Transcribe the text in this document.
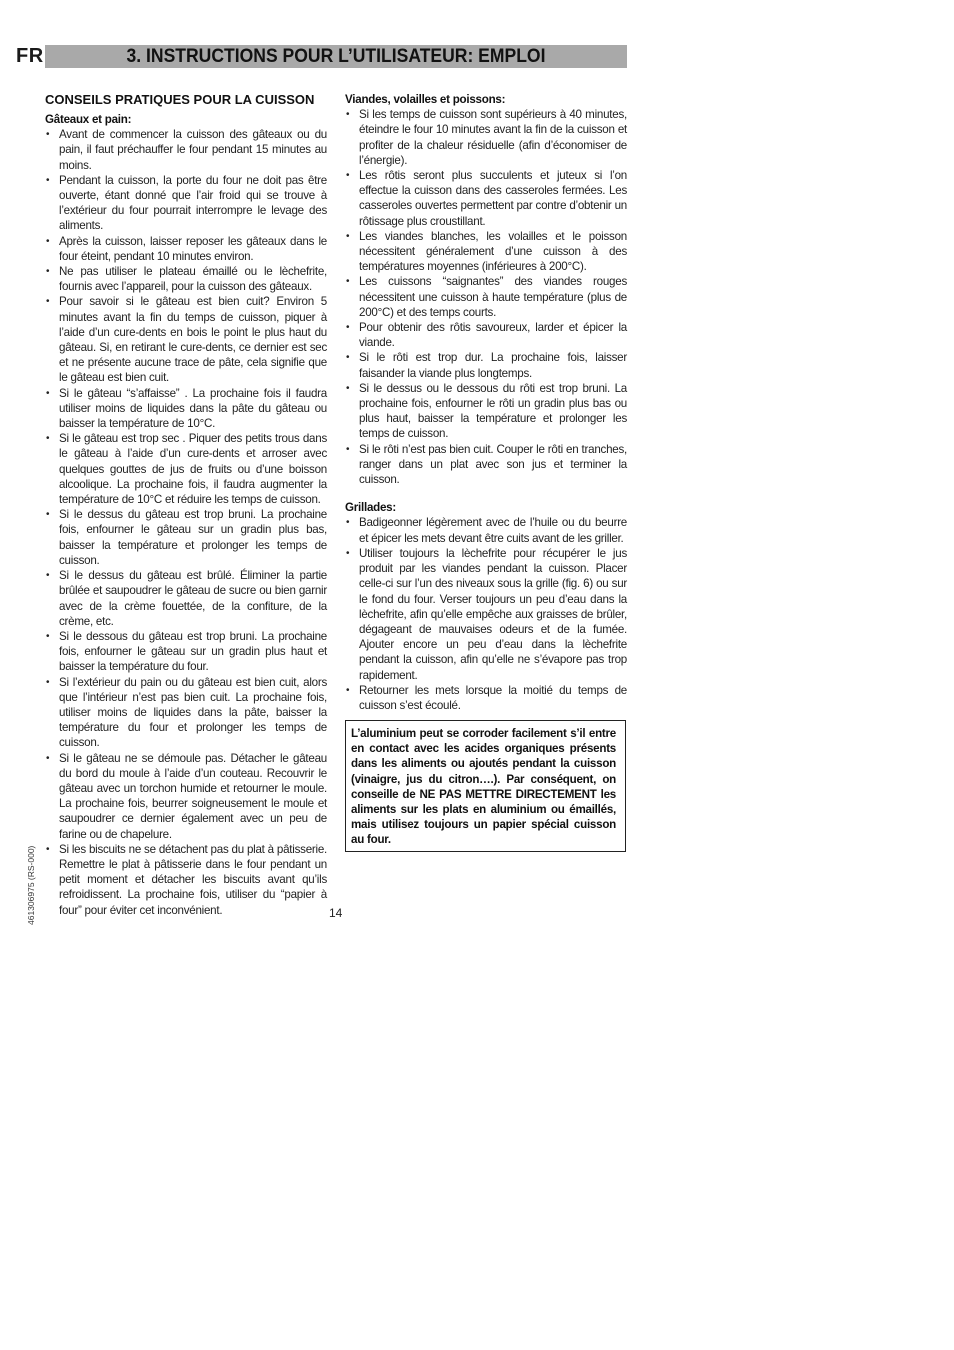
FR	3. INSTRUCTIONS POUR L’UTILISATEUR: EMPLOI
CONSEILS PRATIQUES POUR LA CUISSON
Gâteaux et pain:
• Avant de commencer la cuisson des gâteaux ou du pain, il faut préchauffer le four pendant 15 minutes au moins.
• Pendant la cuisson, la porte du four ne doit pas être ouverte, étant donné que l’air froid qui se trouve à l’extérieur du four pourrait interrompre le levage des aliments.
• Après la cuisson, laisser reposer les gâteaux dans le four éteint, pendant 10 minutes environ.
• Ne pas utiliser le plateau émaillé ou le lèchefrite, fournis avec l’appareil, pour la cuisson des gâteaux.
• Pour savoir si le gâteau est bien cuit? Environ 5 minutes avant la fin du temps de cuisson, piquer à l’aide d’un cure-dents en bois le point le plus haut du gâteau. Si, en retirant le cure-dents, ce dernier est sec et ne présente aucune trace de pâte, cela signifie que le gâteau est bien cuit.
• Si le gâteau “s’affaisse” . La prochaine fois il faudra utiliser moins de liquides dans la pâte du gâteau ou baisser la température de 10°C.
• Si le gâteau est trop sec . Piquer des petits trous dans le gâteau à l’aide d’un cure-dents et arroser avec quelques gouttes de jus de fruits ou d’une boisson alcoolique. La prochaine fois, il faudra augmenter la température de 10°C et réduire les temps de cuisson.
• Si le dessus du gâteau est trop bruni. La prochaine fois, enfourner le gâteau sur un gradin plus bas, baisser la température et prolonger les temps de cuisson.
• Si le dessus du gâteau est brûlé. Éliminer la partie brûlée et saupoudrer le gâteau de sucre ou bien garnir avec de la crème fouettée, de la confiture, de la crème, etc.
• Si le dessous du gâteau est trop bruni. La prochaine fois, enfourner le gâteau sur un gradin plus haut et baisser la température du four.
• Si l’extérieur du pain ou du gâteau est bien cuit, alors que l’intérieur n’est pas bien cuit. La prochaine fois, utiliser moins de liquides dans la pâte, baisser la température du four et prolonger les temps de cuisson.
• Si le gâteau ne se démoule pas. Détacher le gâteau du bord du moule à l’aide d’un couteau. Recouvrir le gâteau avec un torchon humide et retourner le moule. La prochaine fois, beurrer soigneusement le moule et saupoudrer ce dernier également avec un peu de farine ou de chapelure.
• Si les biscuits ne se détachent pas du plat à pâtisserie. Remettre le plat à pâtisserie dans le four pendant un petit moment et détacher les biscuits avant qu’ils refroidissent. La prochaine fois, utiliser du “papier à four” pour éviter cet inconvénient.
Viandes, volailles et poissons:
• Si les temps de cuisson sont supérieurs à 40 minutes, éteindre le four 10 minutes avant la fin de la cuisson et profiter de la chaleur résiduelle (afin d’économiser de l’énergie).
• Les rôtis seront plus succulents et juteux si l’on effectue la cuisson dans des casseroles fermées. Les casseroles ouvertes permettent par contre d’obtenir un rôtissage plus croustillant.
• Les viandes blanches, les volailles et le poisson nécessitent généralement d’une cuisson à des températures moyennes (inférieures à 200°C).
• Les cuissons “saignantes” des viandes rouges nécessitent une cuisson à haute température (plus de 200°C) et des temps courts.
• Pour obtenir des rôtis savoureux, larder et épicer la viande.
• Si le rôti est trop dur. La prochaine fois, laisser faisander la viande plus longtemps.
• Si le dessus ou le dessous du rôti est trop bruni. La prochaine fois, enfourner le rôti un gradin plus bas ou plus haut, baisser la température et prolonger les temps de cuisson.
• Si le rôti n’est pas bien cuit. Couper le rôti en tranches, ranger dans un plat avec son jus et terminer la cuisson.
Grillades:
• Badigeonner légèrement avec de l’huile ou du beurre et épicer les mets devant être cuits avant de les griller.
• Utiliser toujours la lèchefrite pour récupérer le jus produit par les viandes pendant la cuisson. Placer celle-ci sur l’un des niveaux sous la grille (fig. 6) ou sur le fond du four. Verser toujours un peu d’eau dans la lèchefrite, afin qu’elle empêche aux graisses de brûler, dégageant de mauvaises odeurs et de la fumée. Ajouter encore un peu d’eau dans la lèchefrite pendant la cuisson, afin qu’elle ne s’évapore pas trop rapidement.
• Retourner les mets lorsque la moitié du temps de cuisson s’est écoulé.
L’aluminium peut se corroder facilement s’il entre en contact avec les acides organiques présents dans les aliments ou ajoutés pendant la cuisson (vinaigre, jus du citron….). Par conséquent, on conseille de NE PAS METTRE DIRECTEMENT les aliments sur les plats en aluminium ou émaillés, mais utilisez toujours un papier spécial cuisson au four.
14
461306975 (RS-000)
